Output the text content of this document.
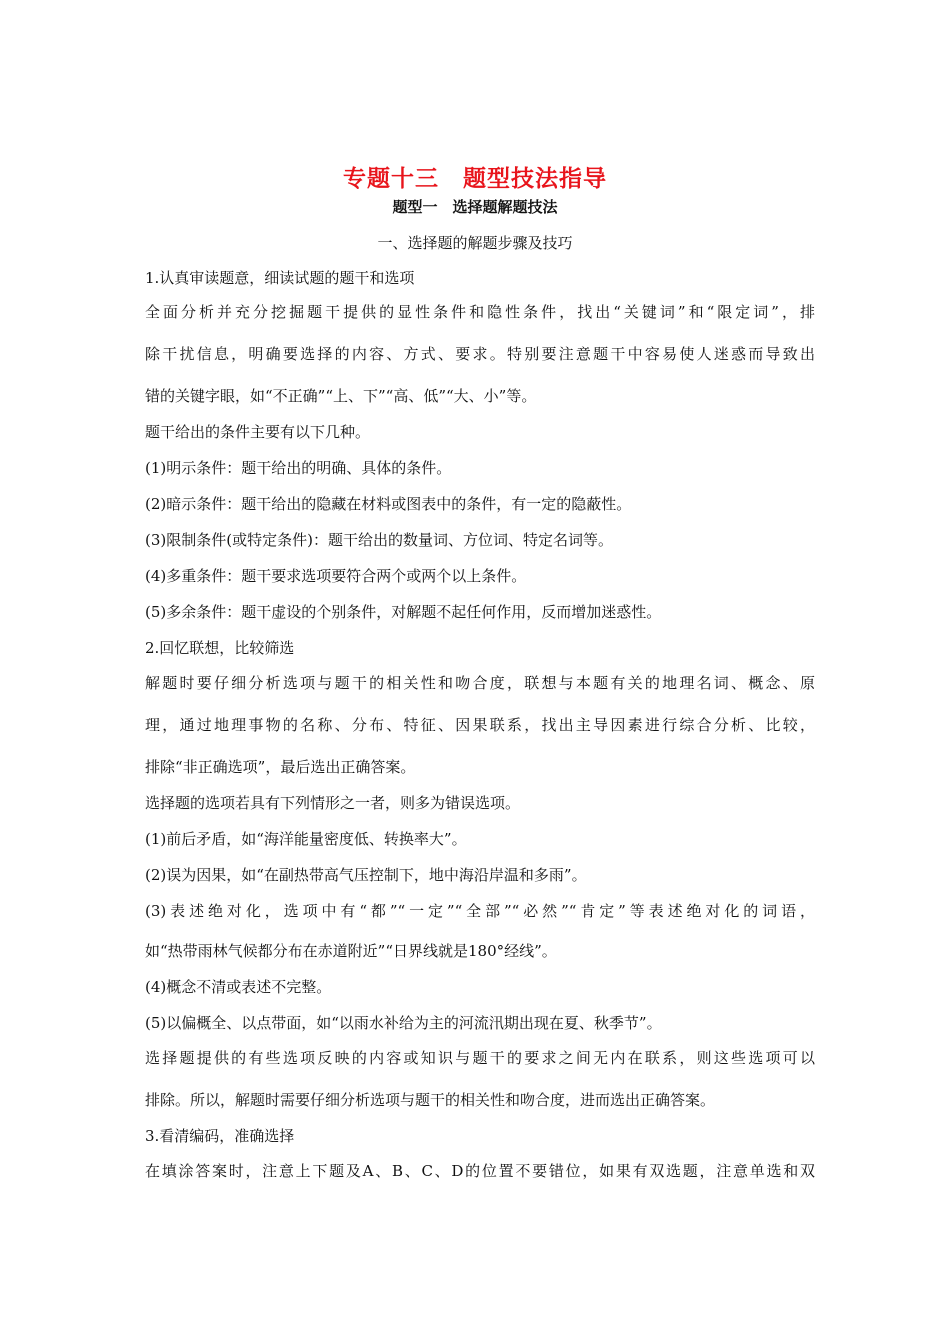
专题十三　题型技法指导
题型一　选择题解题技法
一、选择题的解题步骤及技巧
1.认真审读题意，细读试题的题干和选项
全面分析并充分挖掘题干提供的显性条件和隐性条件，找出“关键词”和“限定词”，排
除干扰信息，明确要选择的内容、方式、要求。特别要注意题干中容易使人迷惑而导致出
错的关键字眼，如“不正确”“上、下”“高、低”“大、小”等。
题干给出的条件主要有以下几种。
(1)明示条件：题干给出的明确、具体的条件。
(2)暗示条件：题干给出的隐藏在材料或图表中的条件，有一定的隐蔽性。
(3)限制条件(或特定条件)：题干给出的数量词、方位词、特定名词等。
(4)多重条件：题干要求选项要符合两个或两个以上条件。
(5)多余条件：题干虚设的个别条件，对解题不起任何作用，反而增加迷惑性。
2.回忆联想，比较筛选
解题时要仔细分析选项与题干的相关性和吻合度，联想与本题有关的地理名词、概念、原
理，通过地理事物的名称、分布、特征、因果联系，找出主导因素进行综合分析、比较，
排除“非正确选项”，最后选出正确答案。
选择题的选项若具有下列情形之一者，则多为错误选项。
(1)前后矛盾，如“海洋能量密度低、转换率大”。
(2)误为因果，如“在副热带高气压控制下，地中海沿岸温和多雨”。
(3)表述绝对化，选项中有“都”“一定”“全部”“必然”“肯定”等表述绝对化的词语，
如“热带雨林气候都分布在赤道附近”“日界线就是180°经线”。
(4)概念不清或表述不完整。
(5)以偏概全、以点带面，如“以雨水补给为主的河流汛期出现在夏、秋季节”。
选择题提供的有些选项反映的内容或知识与题干的要求之间无内在联系，则这些选项可以
排除。所以，解题时需要仔细分析选项与题干的相关性和吻合度，进而选出正确答案。
3.看清编码，准确选择
在填涂答案时，注意上下题及A、B、C、D的位置不要错位，如果有双选题，注意单选和双
